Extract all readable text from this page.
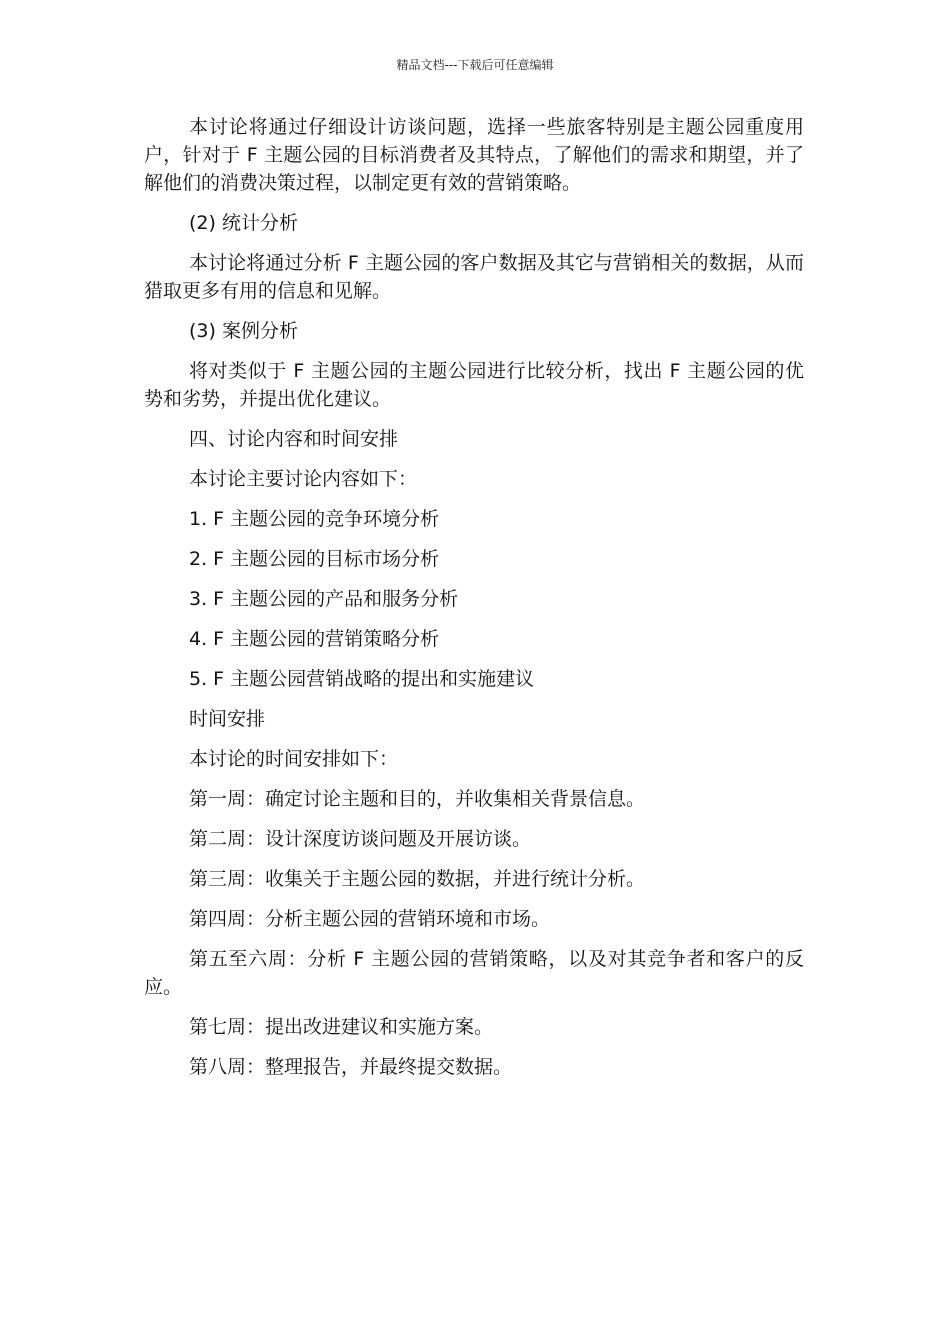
精品文档---下载后可任意编辑

本讨论将通过仔细设计访谈问题，选择一些旅客特别是主题公园重度用户，针对于 F 主题公园的目标消费者及其特点，了解他们的需求和期望，并了解他们的消费决策过程，以制定更有效的营销策略。

(2) 统计分析

本讨论将通过分析 F 主题公园的客户数据及其它与营销相关的数据，从而猎取更多有用的信息和见解。

(3) 案例分析

将对类似于 F 主题公园的主题公园进行比较分析，找出 F 主题公园的优势和劣势，并提出优化建议。

四、讨论内容和时间安排

本讨论主要讨论内容如下：

1. F 主题公园的竞争环境分析

2. F 主题公园的目标市场分析

3. F 主题公园的产品和服务分析

4. F 主题公园的营销策略分析

5. F 主题公园营销战略的提出和实施建议

时间安排

本讨论的时间安排如下：

第一周：确定讨论主题和目的，并收集相关背景信息。

第二周：设计深度访谈问题及开展访谈。

第三周：收集关于主题公园的数据，并进行统计分析。

第四周：分析主题公园的营销环境和市场。

第五至六周：分析 F 主题公园的营销策略，以及对其竞争者和客户的反应。

第七周：提出改进建议和实施方案。

第八周：整理报告，并最终提交数据。
